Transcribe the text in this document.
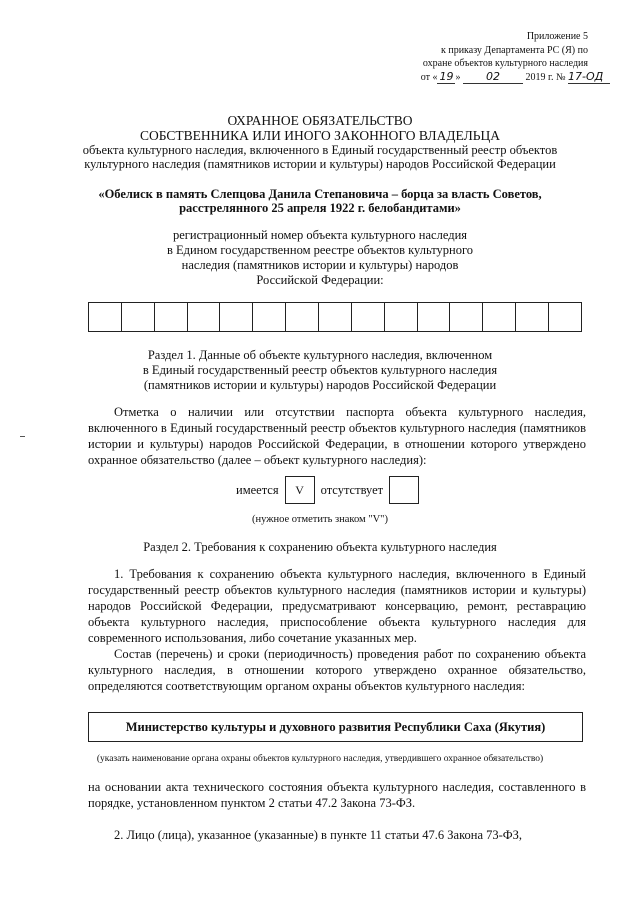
Приложение 5
к приказу Департамента РС (Я) по
охране объектов культурного наследия
от « 19 » 02	2019 г. № 17-ОД
ОХРАННОЕ ОБЯЗАТЕЛЬСТВО
СОБСТВЕННИКА ИЛИ ИНОГО ЗАКОННОГО ВЛАДЕЛЬЦА
объекта культурного наследия, включенного в Единый государственный реестр объектов
культурного наследия (памятников истории и культуры) народов Российской Федерации
«Обелиск в память Слепцова Данила Степановича – борца за власть Советов,
расстрелянного 25 апреля 1922 г. белобандитами»
регистрационный номер объекта культурного наследия
в Едином государственном реестре объектов культурного
наследия (памятников истории и культуры) народов
Российской Федерации:
Раздел 1. Данные об объекте культурного наследия, включенном
в Единый государственный реестр объектов культурного наследия
(памятников истории и культуры) народов Российской Федерации
Отметка о наличии или отсутствии паспорта объекта культурного наследия, включенного в Единый государственный реестр объектов культурного наследия (памятников истории и культуры) народов Российской Федерации, в отношении которого утверждено охранное обязательство (далее – объект культурного наследия):
имеется	V	отсутствует
(нужное отметить знаком "V")
Раздел 2. Требования к сохранению объекта культурного наследия
1. Требования к сохранению объекта культурного наследия, включенного в Единый государственный реестр объектов культурного наследия (памятников истории и культуры) народов Российской Федерации, предусматривают консервацию, ремонт, реставрацию объекта культурного наследия, приспособление объекта культурного наследия для современного использования, либо сочетание указанных мер.
Состав (перечень) и сроки (периодичность) проведения работ по сохранению объекта культурного наследия, в отношении которого утверждено охранное обязательство, определяются соответствующим органом охраны объектов культурного наследия:
Министерство культуры и духовного развития Республики Саха (Якутия)
(указать наименование органа охраны объектов культурного наследия, утвердившего охранное обязательство)
на основании акта технического состояния объекта культурного наследия, составленного в порядке, установленном пунктом 2 статьи 47.2 Закона 73-ФЗ.
2. Лицо (лица), указанное (указанные) в пункте 11 статьи 47.6 Закона 73-ФЗ,
